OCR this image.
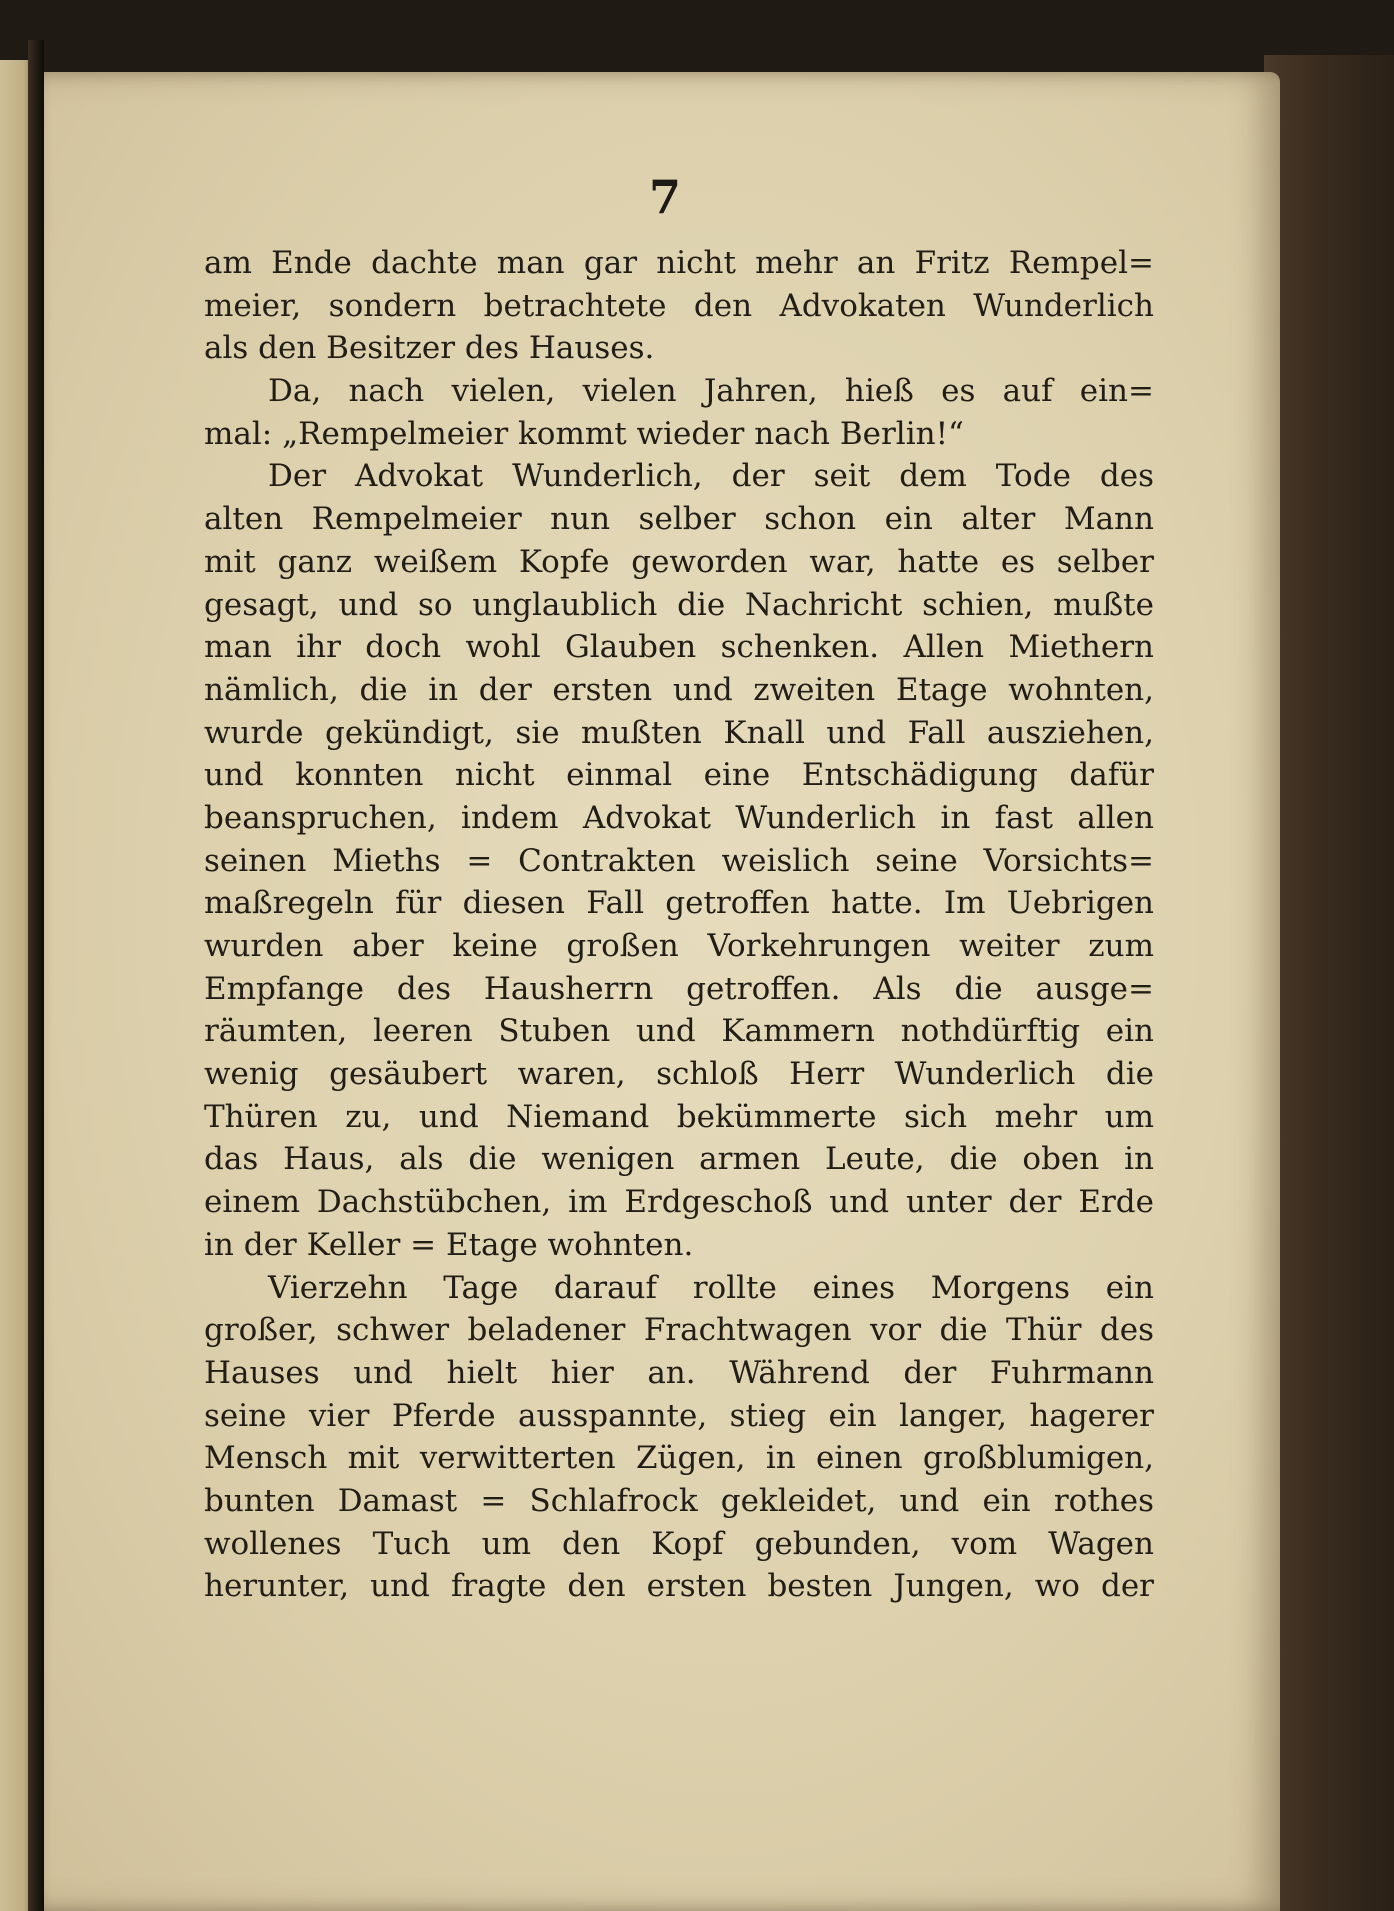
7
am Ende dachte man gar nicht mehr an Fritz Rempel=
meier, sondern betrachtete den Advokaten Wunderlich
als den Besitzer des Hauses.
Da, nach vielen, vielen Jahren, hieß es auf ein=
mal: „Rempelmeier kommt wieder nach Berlin!“
Der Advokat Wunderlich, der seit dem Tode des
alten Rempelmeier nun selber schon ein alter Mann
mit ganz weißem Kopfe geworden war, hatte es selber
gesagt, und so unglaublich die Nachricht schien, mußte
man ihr doch wohl Glauben schenken. Allen Miethern
nämlich, die in der ersten und zweiten Etage wohnten,
wurde gekündigt, sie mußten Knall und Fall ausziehen,
und konnten nicht einmal eine Entschädigung dafür
beanspruchen, indem Advokat Wunderlich in fast allen
seinen Mieths = Contrakten weislich seine Vorsichts=
maßregeln für diesen Fall getroffen hatte. Im Uebrigen
wurden aber keine großen Vorkehrungen weiter zum
Empfange des Hausherrn getroffen. Als die ausge=
räumten, leeren Stuben und Kammern nothdürftig ein
wenig gesäubert waren, schloß Herr Wunderlich die
Thüren zu, und Niemand bekümmerte sich mehr um
das Haus, als die wenigen armen Leute, die oben in
einem Dachstübchen, im Erdgeschoß und unter der Erde
in der Keller = Etage wohnten.
Vierzehn Tage darauf rollte eines Morgens ein
großer, schwer beladener Frachtwagen vor die Thür des
Hauses und hielt hier an. Während der Fuhrmann
seine vier Pferde ausspannte, stieg ein langer, hagerer
Mensch mit verwitterten Zügen, in einen großblumigen,
bunten Damast = Schlafrock gekleidet, und ein rothes
wollenes Tuch um den Kopf gebunden, vom Wagen
herunter, und fragte den ersten besten Jungen, wo der
